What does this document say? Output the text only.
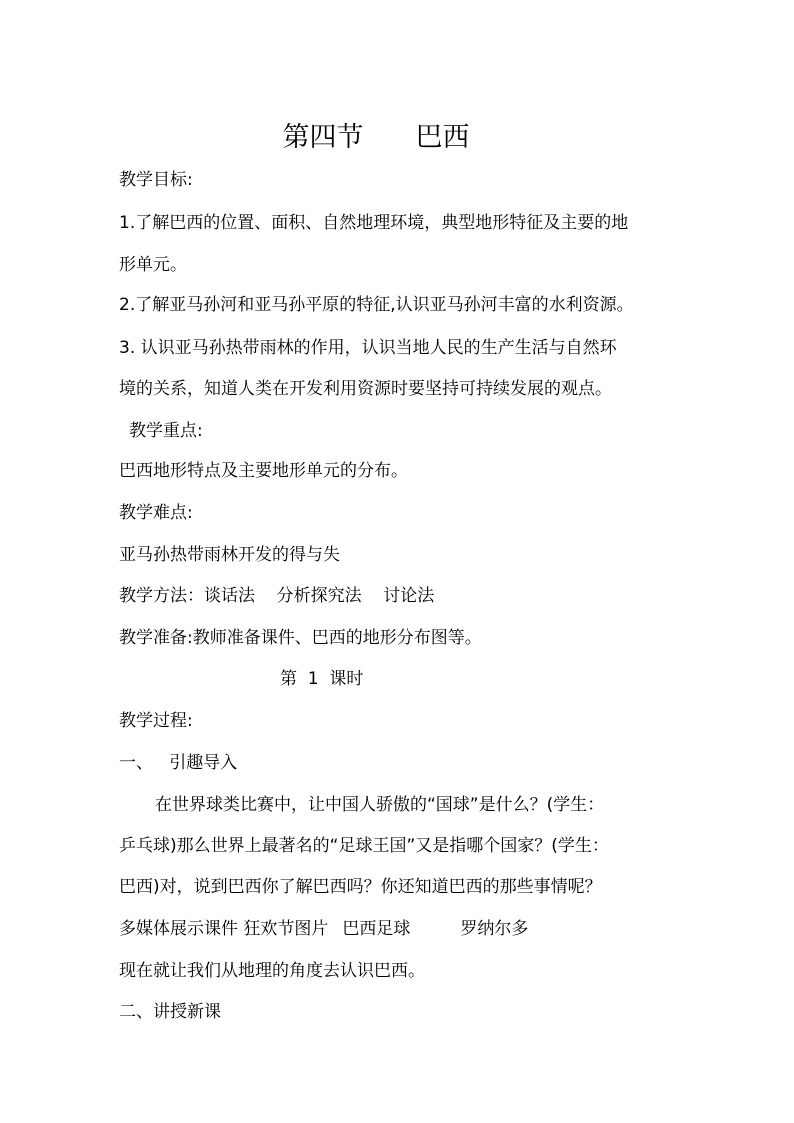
第四节 巴西
教学目标:
1.了解巴西的位置、面积、自然地理环境，典型地形特征及主要的地
形单元。
2.了解亚马孙河和亚马孙平原的特征,认识亚马孙河丰富的水利资源。
3. 认识亚马孙热带雨林的作用，认识当地人民的生产生活与自然环
境的关系，知道人类在开发利用资源时要坚持可持续发展的观点。
教学重点:
巴西地形特点及主要地形单元的分布。
教学难点:
亚马孙热带雨林开发的得与失
教学方法：谈话法    分析探究法    讨论法
教学准备:教师准备课件、巴西的地形分布图等。
第  1  课时
教学过程:
一、   引趣导入
在世界球类比赛中，让中国人骄傲的“国球”是什么？(学生：
乒乓球)那么世界上最著名的“足球王国”又是指哪个国家？(学生：
巴西)对，说到巴西你了解巴西吗？你还知道巴西的那些事情呢？
多媒体展示课件 狂欢节图片 巴西足球	罗纳尔多
现在就让我们从地理的角度去认识巴西。
二、讲授新课
